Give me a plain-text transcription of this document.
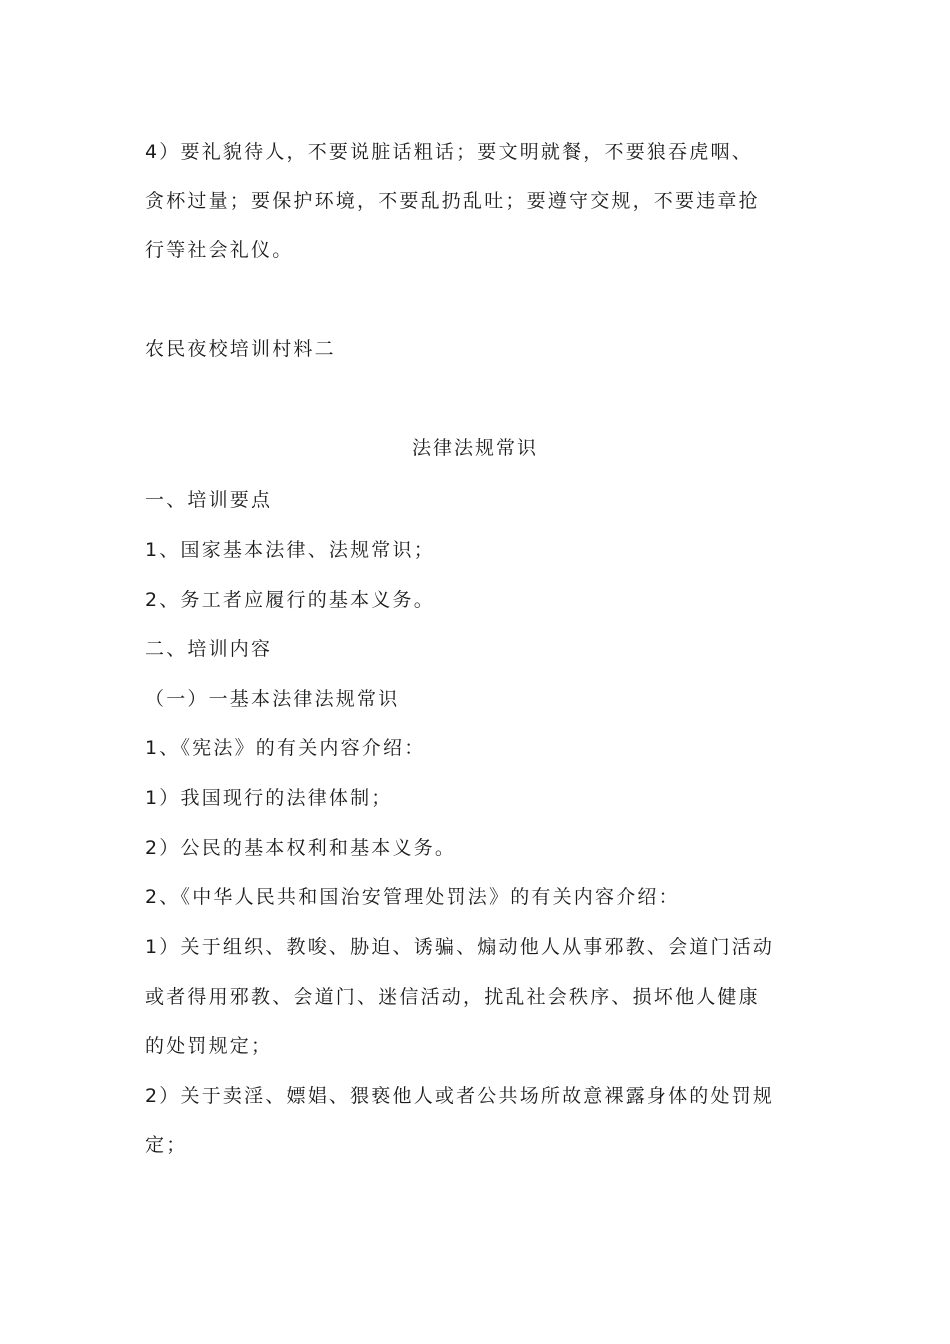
4）要礼貌待人，不要说脏话粗话；要文明就餐，不要狼吞虎咽、
贪杯过量；要保护环境，不要乱扔乱吐；要遵守交规，不要违章抢
行等社会礼仪。
农民夜校培训村料二
法律法规常识
一、培训要点
1、国家基本法律、法规常识；
2、务工者应履行的基本义务。
二、培训内容
（一）一基本法律法规常识
1、《宪法》的有关内容介绍：
1）我国现行的法律体制；
2）公民的基本权利和基本义务。
2、《中华人民共和国治安管理处罚法》的有关内容介绍：
1）关于组织、教唆、胁迫、诱骗、煽动他人从事邪教、会道门活动
或者得用邪教、会道门、迷信活动，扰乱社会秩序、损坏他人健康
的处罚规定；
2）关于卖淫、嫖娼、猥亵他人或者公共场所故意裸露身体的处罚规
定；
